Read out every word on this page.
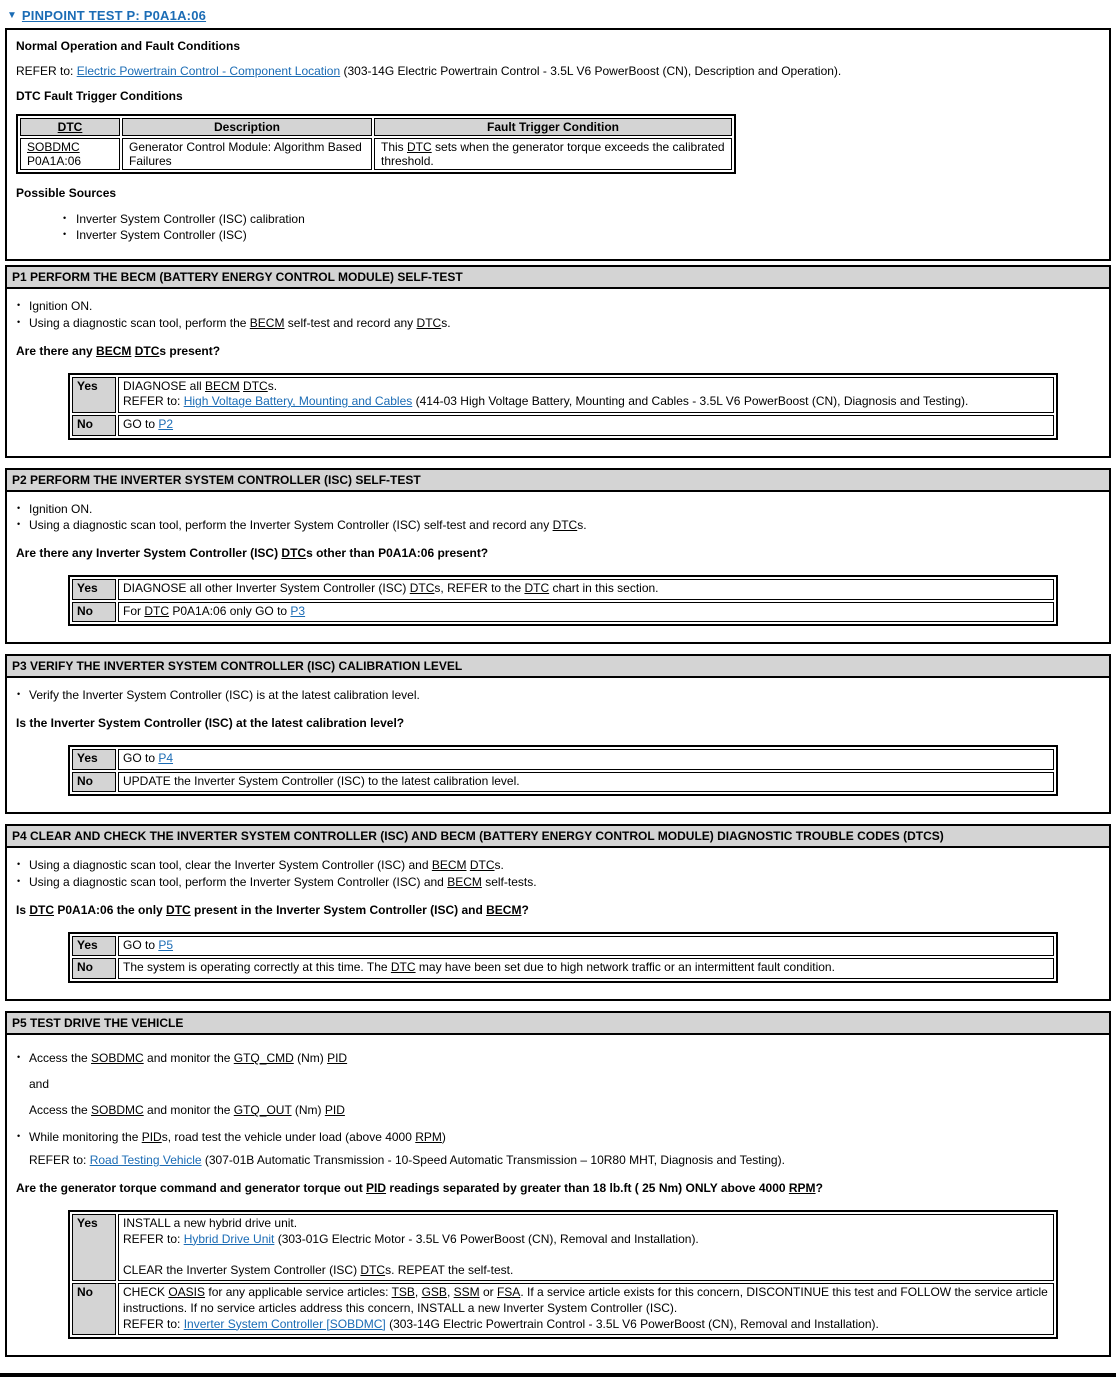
▼ PINPOINT TEST P: P0A1A:06

Normal Operation and Fault Conditions

REFER to: Electric Powertrain Control - Component Location (303-14G Electric Powertrain Control - 3.5L V6 PowerBoost (CN), Description and Operation).

DTC Fault Trigger Conditions

DTC	Description	Fault Trigger Condition
SOBDMC P0A1A:06	Generator Control Module: Algorithm Based Failures	This DTC sets when the generator torque exceeds the calibrated threshold.

Possible Sources

• Inverter System Controller (ISC) calibration
• Inverter System Controller (ISC)
P1 PERFORM THE BECM (BATTERY ENERGY CONTROL MODULE) SELF-TEST
• Ignition ON.
• Using a diagnostic scan tool, perform the BECM self-test and record any DTCs.
Are there any BECM DTCs present?
Yes	DIAGNOSE all BECM DTCs.
REFER to: High Voltage Battery, Mounting and Cables (414-03 High Voltage Battery, Mounting and Cables - 3.5L V6 PowerBoost (CN), Diagnosis and Testing).

No	GO to P2
P2 PERFORM THE INVERTER SYSTEM CONTROLLER (ISC) SELF-TEST
• Ignition ON.
• Using a diagnostic scan tool, perform the Inverter System Controller (ISC) self-test and record any DTCs.
Are there any Inverter System Controller (ISC) DTCs other than P0A1A:06 present?
Yes	DIAGNOSE all other Inverter System Controller (ISC) DTCs, REFER to the DTC chart in this section.

No	For DTC P0A1A:06 only GO to P3
P3 VERIFY THE INVERTER SYSTEM CONTROLLER (ISC) CALIBRATION LEVEL
• Verify the Inverter System Controller (ISC) is at the latest calibration level.
Is the Inverter System Controller (ISC) at the latest calibration level?
Yes	GO to P4

No	UPDATE the Inverter System Controller (ISC) to the latest calibration level.
P4 CLEAR AND CHECK THE INVERTER SYSTEM CONTROLLER (ISC) AND BECM (BATTERY ENERGY CONTROL MODULE) DIAGNOSTIC TROUBLE CODES (DTCS)
• Using a diagnostic scan tool, clear the Inverter System Controller (ISC) and BECM DTCs.
• Using a diagnostic scan tool, perform the Inverter System Controller (ISC) and BECM self-tests.
Is DTC P0A1A:06 the only DTC present in the Inverter System Controller (ISC) and BECM?
Yes	GO to P5

No	The system is operating correctly at this time. The DTC may have been set due to high network traffic or an intermittent fault condition.
P5 TEST DRIVE THE VEHICLE
• Access the SOBDMC and monitor the GTQ_CMD (Nm) PID
and
Access the SOBDMC and monitor the GTQ_OUT (Nm) PID
• While monitoring the PIDs, road test the vehicle under load (above 4000 RPM)
REFER to: Road Testing Vehicle (307-01B Automatic Transmission - 10-Speed Automatic Transmission – 10R80 MHT, Diagnosis and Testing).
Are the generator torque command and generator torque out PID readings separated by greater than 18 lb.ft ( 25 Nm) ONLY above 4000 RPM?
Yes	INSTALL a new hybrid drive unit.
REFER to: Hybrid Drive Unit (303-01G Electric Motor - 3.5L V6 PowerBoost (CN), Removal and Installation).

CLEAR the Inverter System Controller (ISC) DTCs. REPEAT the self-test.

No	CHECK OASIS for any applicable service articles: TSB, GSB, SSM or FSA. If a service article exists for this concern, DISCONTINUE this test and FOLLOW the service article instructions. If no service articles address this concern, INSTALL a new Inverter System Controller (ISC).
REFER to: Inverter System Controller [SOBDMC] (303-14G Electric Powertrain Control - 3.5L V6 PowerBoost (CN), Removal and Installation).
